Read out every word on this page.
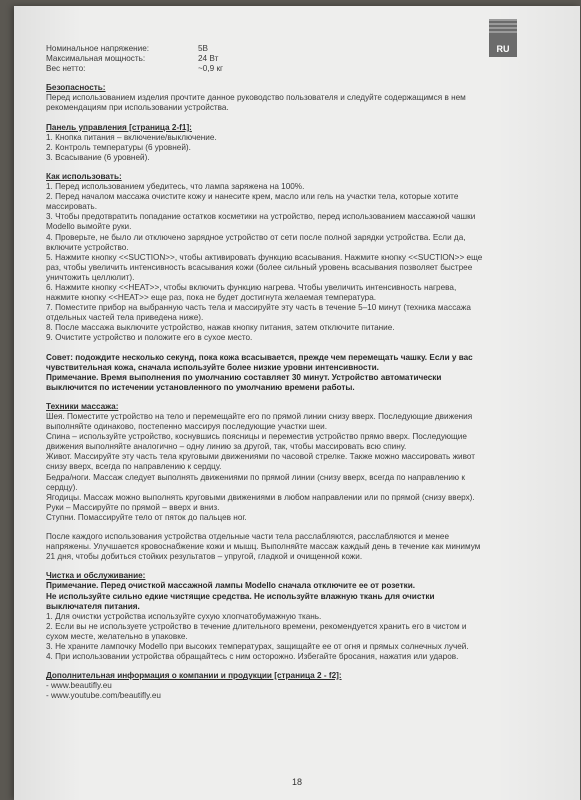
RU
Номинальное напряжение:	5В
Максимальная мощность:	24 Вт
Вес нетто:	~0,9 кг
Безопасность:
Перед использованием изделия прочтите данное руководство пользователя и следуйте содержащимся в нем
рекомендациям при использовании устройства.
Панель управления [страница 2-f1]:
1. Кнопка питания – включение/выключение.
2. Контроль температуры (6 уровней).
3. Всасывание (6 уровней).
Как использовать:
1. Перед использованием убедитесь, что лампа заряжена на 100%.
2. Перед началом массажа очистите кожу и нанесите крем, масло или гель на участки тела, которые хотите
массировать.
3. Чтобы предотвратить попадание остатков косметики на устройство, перед использованием массажной чашки
Modello вымойте руки.
4. Проверьте, не было ли отключено зарядное устройство от сети после полной зарядки устройства. Если да,
включите устройство.
5. Нажмите кнопку <<SUCTION>>, чтобы активировать функцию всасывания. Нажмите кнопку <<SUCTION>> еще
раз, чтобы увеличить интенсивность всасывания кожи (более сильный уровень всасывания позволяет быстрее
уничтожить целлюлит).
6. Нажмите кнопку <<HEAT>>, чтобы включить функцию нагрева. Чтобы увеличить интенсивность нагрева,
нажмите кнопку <<HEAT>> еще раз, пока не будет достигнута желаемая температура.
7. Поместите прибор на выбранную часть тела и массируйте эту часть в течение 5–10 минут (техника массажа
отдельных частей тела приведена ниже).
8. После массажа выключите устройство, нажав кнопку питания, затем отключите питание.
9. Очистите устройство и положите его в сухое место.
Совет: подождите несколько секунд, пока кожа всасывается, прежде чем перемещать чашку. Если у вас
чувствительная кожа, сначала используйте более низкие уровни интенсивности.
Примечание. Время выполнения по умолчанию составляет 30 минут. Устройство автоматически
выключится по истечении установленного по умолчанию времени работы.
Техники массажа:
Шея. Поместите устройство на тело и перемещайте его по прямой линии снизу вверх. Последующие движения
выполняйте одинаково, постепенно массируя последующие участки шеи.
Спина – используйте устройство, коснувшись поясницы и переместив устройство прямо вверх. Последующие
движения выполняйте аналогично – одну линию за другой, так, чтобы массировать всю спину.
Живот. Массируйте эту часть тела круговыми движениями по часовой стрелке. Также можно массировать живот
снизу вверх, всегда по направлению к сердцу.
Бедра/ноги. Массаж следует выполнять движениями по прямой линии (снизу вверх, всегда по направлению к
сердцу).
Ягодицы. Массаж можно выполнять круговыми движениями в любом направлении или по прямой (снизу вверх).
Руки – Массируйте по прямой – вверх и вниз.
Ступни. Помассируйте тело от пяток до пальцев ног.
После каждого использования устройства отдельные части тела расслабляются, расслабляются и менее
напряжены. Улучшается кровоснабжение кожи и мышц. Выполняйте массаж каждый день в течение как минимум
21 дня, чтобы добиться стойких результатов – упругой, гладкой и очищенной кожи.
Чистка и обслуживание:
Примечание. Перед очисткой массажной лампы Modello сначала отключите ее от розетки.
Не используйте сильно едкие чистящие средства. Не используйте влажную ткань для очистки
выключателя питания.
1. Для очистки устройства используйте сухую хлопчатобумажную ткань.
2. Если вы не используете устройство в течение длительного времени, рекомендуется хранить его в чистом и
сухом месте, желательно в упаковке.
3. Не храните лампочку Modello при высоких температурах, защищайте ее от огня и прямых солнечных лучей.
4. При использовании устройства обращайтесь с ним осторожно. Избегайте бросания, нажатия или ударов.
Дополнительная информация о компании и продукции [страница 2 - f2]:
- www.beautifly.eu
- www.youtube.com/beautifly.eu
18
